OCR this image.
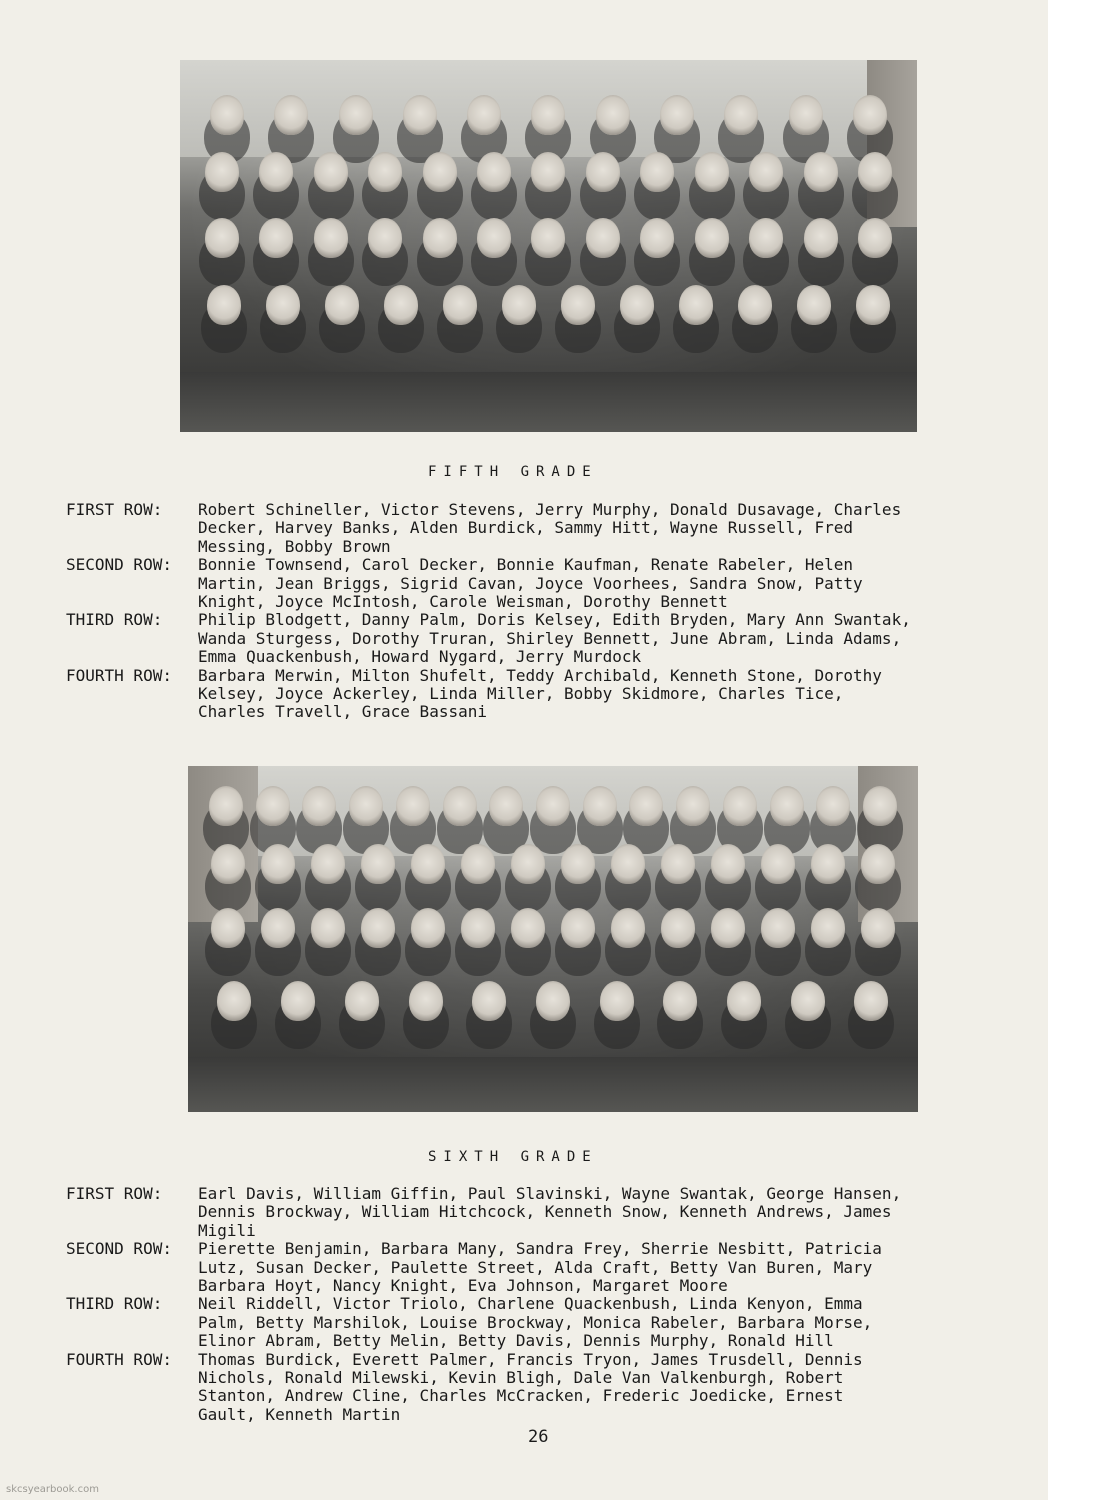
FIFTH GRADE
FIRST ROW:	Robert Schineller, Victor Stevens, Jerry Murphy, Donald Dusavage, Charles
Decker, Harvey Banks, Alden Burdick, Sammy Hitt, Wayne Russell, Fred
Messing, Bobby Brown
SECOND ROW:	Bonnie Townsend, Carol Decker, Bonnie Kaufman, Renate Rabeler, Helen
Martin, Jean Briggs, Sigrid Cavan, Joyce Voorhees, Sandra Snow, Patty
Knight, Joyce McIntosh, Carole Weisman, Dorothy Bennett
THIRD ROW:	Philip Blodgett, Danny Palm, Doris Kelsey, Edith Bryden, Mary Ann Swantak,
Wanda Sturgess, Dorothy Truran, Shirley Bennett, June Abram, Linda Adams,
Emma Quackenbush, Howard Nygard, Jerry Murdock
FOURTH ROW:	Barbara Merwin, Milton Shufelt, Teddy Archibald, Kenneth Stone, Dorothy
Kelsey, Joyce Ackerley, Linda Miller, Bobby Skidmore, Charles Tice,
Charles Travell, Grace Bassani
SIXTH GRADE
FIRST ROW:	Earl Davis, William Giffin, Paul Slavinski, Wayne Swantak, George Hansen,
Dennis Brockway, William Hitchcock, Kenneth Snow, Kenneth Andrews, James
Migili
SECOND ROW:	Pierette Benjamin, Barbara Many, Sandra Frey, Sherrie Nesbitt, Patricia
Lutz, Susan Decker, Paulette Street, Alda Craft, Betty Van Buren, Mary
Barbara Hoyt, Nancy Knight, Eva Johnson, Margaret Moore
THIRD ROW:	Neil Riddell, Victor Triolo, Charlene Quackenbush, Linda Kenyon, Emma
Palm, Betty Marshilok, Louise Brockway, Monica Rabeler, Barbara Morse,
Elinor Abram, Betty Melin, Betty Davis, Dennis Murphy, Ronald Hill
FOURTH ROW:	Thomas Burdick, Everett Palmer, Francis Tryon, James Trusdell, Dennis
Nichols, Ronald Milewski, Kevin Bligh, Dale Van Valkenburgh, Robert
Stanton, Andrew Cline, Charles McCracken, Frederic Joedicke, Ernest
Gault, Kenneth Martin
26
skcsyearbook.com
